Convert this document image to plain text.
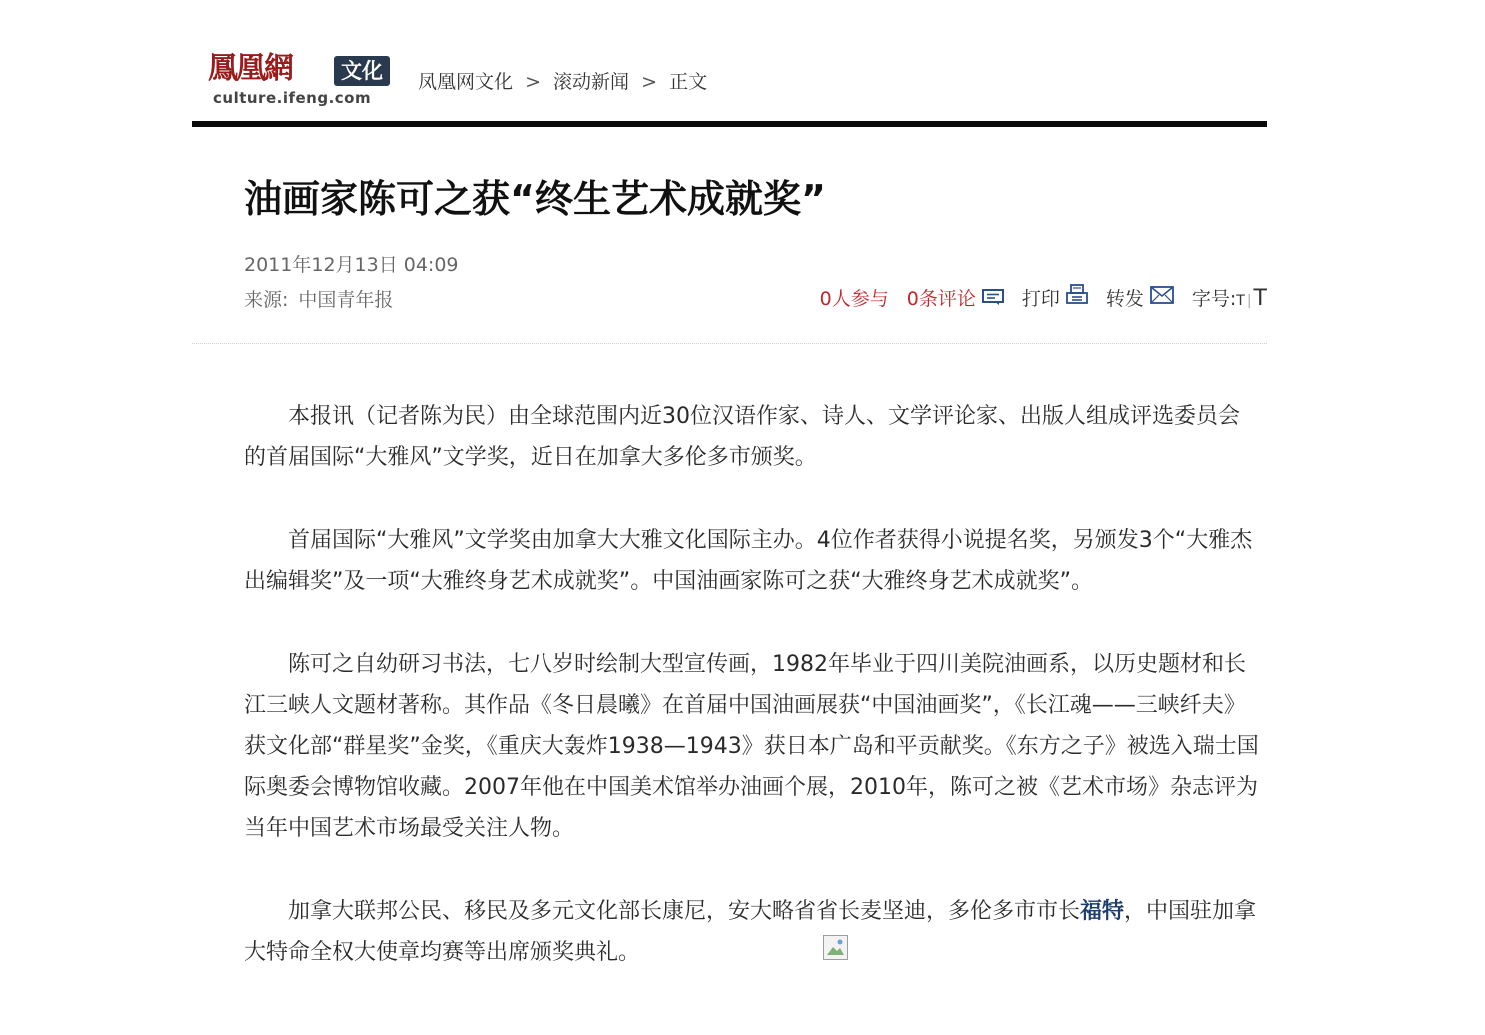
鳳凰網	文化
culture.ifeng.com
凤凰网文化 > 滚动新闻 > 正文
油画家陈可之获“终生艺术成就奖”
2011年12月13日 04:09
来源: 中国青年报	0人参与 0条评论	打印 转发	字号:T |T

本报讯（记者陈为民）由全球范围内近30位汉语作家、诗人、文学评论家、出版人组成评选委员会的首届国际“大雅风”文学奖，近日在加拿大多伦多市颁奖。

首届国际“大雅风”文学奖由加拿大大雅文化国际主办。4位作者获得小说提名奖，另颁发3个“大雅杰出编辑奖”及一项“大雅终身艺术成就奖”。中国油画家陈可之获“大雅终身艺术成就奖”。

陈可之自幼研习书法，七八岁时绘制大型宣传画，1982年毕业于四川美院油画系，以历史题材和长江三峡人文题材著称。其作品《冬日晨曦》在首届中国油画展获“中国油画奖”，《长江魂——三峡纤夫》获文化部“群星奖”金奖，《重庆大轰炸1938—1943》获日本广岛和平贡献奖。《东方之子》被选入瑞士国际奥委会博物馆收藏。2007年他在中国美术馆举办油画个展，2010年，陈可之被《艺术市场》杂志评为当年中国艺术市场最受关注人物。

加拿大联邦公民、移民及多元文化部长康尼，安大略省省长麦坚迪，多伦多市市长福特，中国驻加拿大特命全权大使章均赛等出席颁奖典礼。
